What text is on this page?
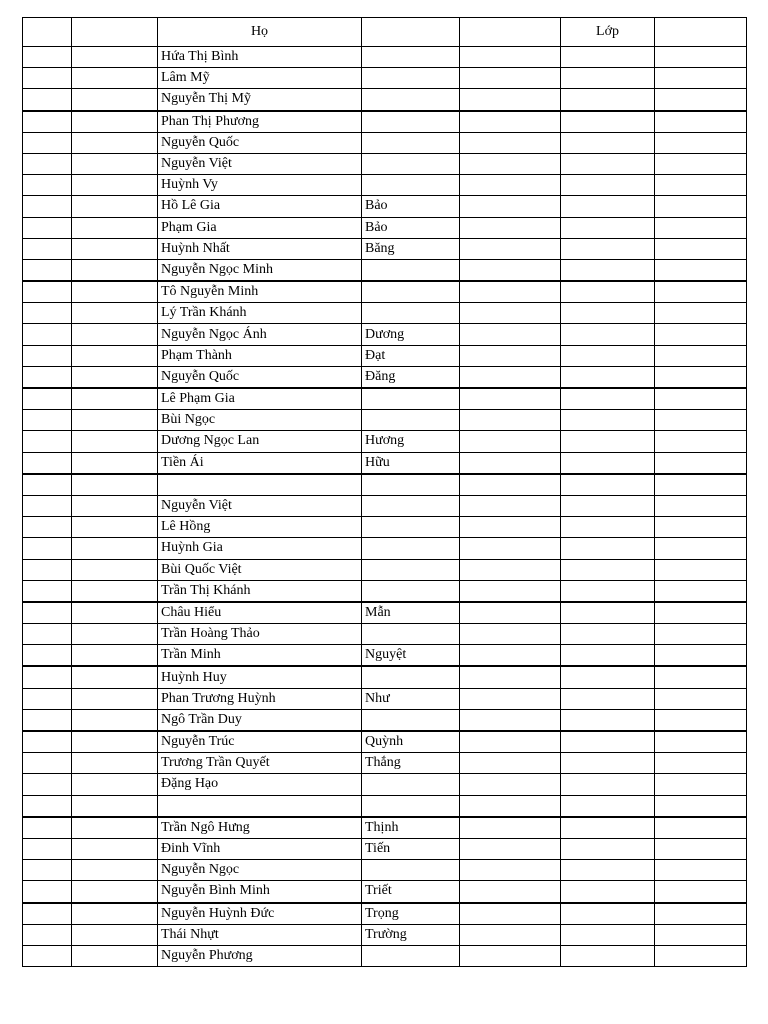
		Họ			Lớp	
		Hứa Thị Bình				
		Lâm Mỹ				
		Nguyễn Thị Mỹ				
		Phan Thị Phương				
		Nguyễn Quốc				
		Nguyễn Việt				
		Huỳnh Vy				
		Hồ Lê Gia	Bảo			
		Phạm Gia	Bảo			
		Huỳnh Nhất	Băng			
		Nguyễn Ngọc Minh				
		Tô Nguyễn Minh				
		Lý Trần Khánh				
		Nguyễn Ngọc Ánh	Dương			
		Phạm Thành	Đạt			
		Nguyễn Quốc	Đăng			
		Lê Phạm Gia				
		Bùi Ngọc				
		Dương Ngọc Lan	Hương			
		Tiền Ái	Hữu			

		Nguyễn Việt				
		Lê Hồng				
		Huỳnh Gia				
		Bùi Quốc Việt				
		Trần Thị Khánh				
		Châu Hiểu	Mẫn			
		Trần Hoàng Thảo				
		Trần Minh	Nguyệt			
		Huỳnh Huy				
		Phan Trương Huỳnh	Như			
		Ngô Trần Duy				
		Nguyễn Trúc	Quỳnh			
		Trương Trần Quyết	Thắng			
		Đặng Hạo				

		Trần Ngô Hưng	Thịnh			
		Đinh Vĩnh	Tiến			
		Nguyễn Ngọc				
		Nguyễn Bình Minh	Triết			
		Nguyễn Huỳnh Đức	Trọng			
		Thái Nhựt	Trường			
		Nguyễn Phương				
